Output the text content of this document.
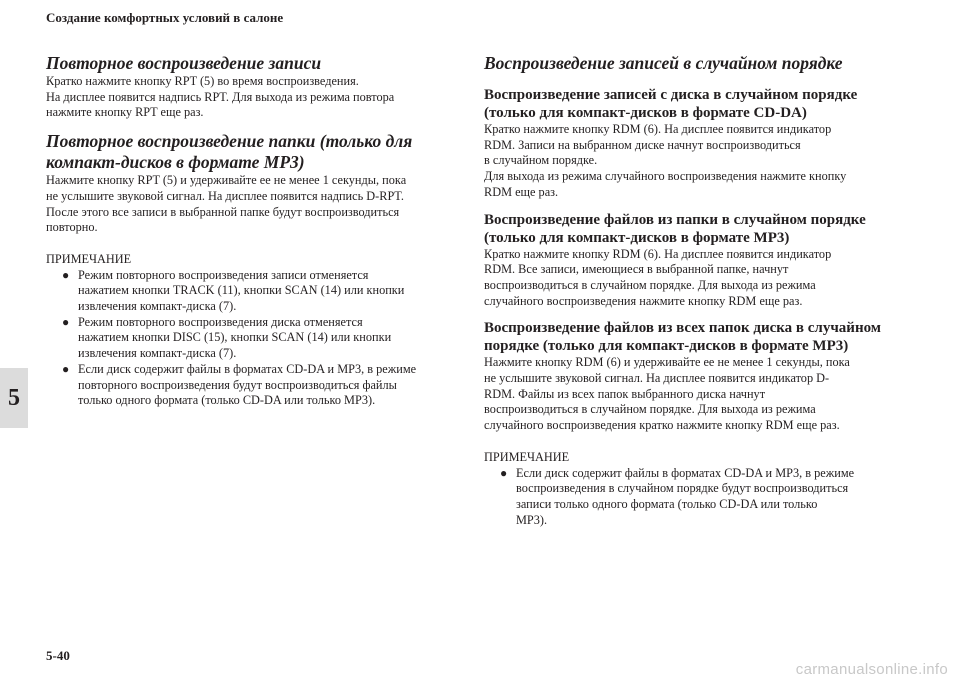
Создание комфортных условий в салоне
5
Повторное воспроизведение записи

Кратко нажмите кнопку RPT (5) во время воспроизведения.

На дисплее появится надпись RPT. Для выхода из режима повтора

нажмите кнопку RPT еще раз.

Повторное воспроизведение папки (только для
компакт-дисков в формате MP3)

Нажмите кнопку RPT (5) и удерживайте ее не менее 1 секунды, пока

не услышите звуковой сигнал. На дисплее появится надпись D-RPT.

После этого все записи в выбранной папке будут воспроизводиться

повторно.

ПРИМЕЧАНИЕ

● Режим повторного воспроизведения записи отменяется
нажатием кнопки TRACK (11), кнопки SCAN (14) или кнопки
извлечения компакт-диска (7).
● Режим повторного воспроизведения диска отменяется
нажатием кнопки DISC (15), кнопки SCAN (14) или кнопки
извлечения компакт-диска (7).
● Если диск содержит файлы в форматах CD-DA и MP3, в режиме
повторного воспроизведения будут воспроизводиться файлы
только одного формата (только CD-DA или только MP3).
Воспроизведение записей в случайном порядке
Воспроизведение записей с диска в случайном порядке
(только для компакт-дисков в формате CD-DA)

Кратко нажмите кнопку RDM (6). На дисплее появится индикатор

RDM. Записи на выбранном диске начнут воспроизводиться

в случайном порядке.

Для выхода из режима случайного воспроизведения нажмите кнопку

RDM еще раз.

Воспроизведение файлов из папки в случайном порядке
(только для компакт-дисков в формате MP3)

Кратко нажмите кнопку RDM (6). На дисплее появится индикатор

RDM. Все записи, имеющиеся в выбранной папке, начнут

воспроизводиться в случайном порядке. Для выхода из режима

случайного воспроизведения нажмите кнопку RDM еще раз.

Воспроизведение файлов из всех папок диска в случайном
порядке (только для компакт-дисков в формате MP3)

Нажмите кнопку RDM (6) и удерживайте ее не менее 1 секунды, пока

не услышите звуковой сигнал. На дисплее появится индикатор D-

RDM. Файлы из всех папок выбранного диска начнут

воспроизводиться в случайном порядке. Для выхода из режима

случайного воспроизведения кратко нажмите кнопку RDM еще раз.

ПРИМЕЧАНИЕ

● Если диск содержит файлы в форматах CD-DA и MP3, в режиме
воспроизведения в случайном порядке будут воспроизводиться
записи только одного формата (только CD-DA или только
MP3).
5-40
carmanualsonline.info
